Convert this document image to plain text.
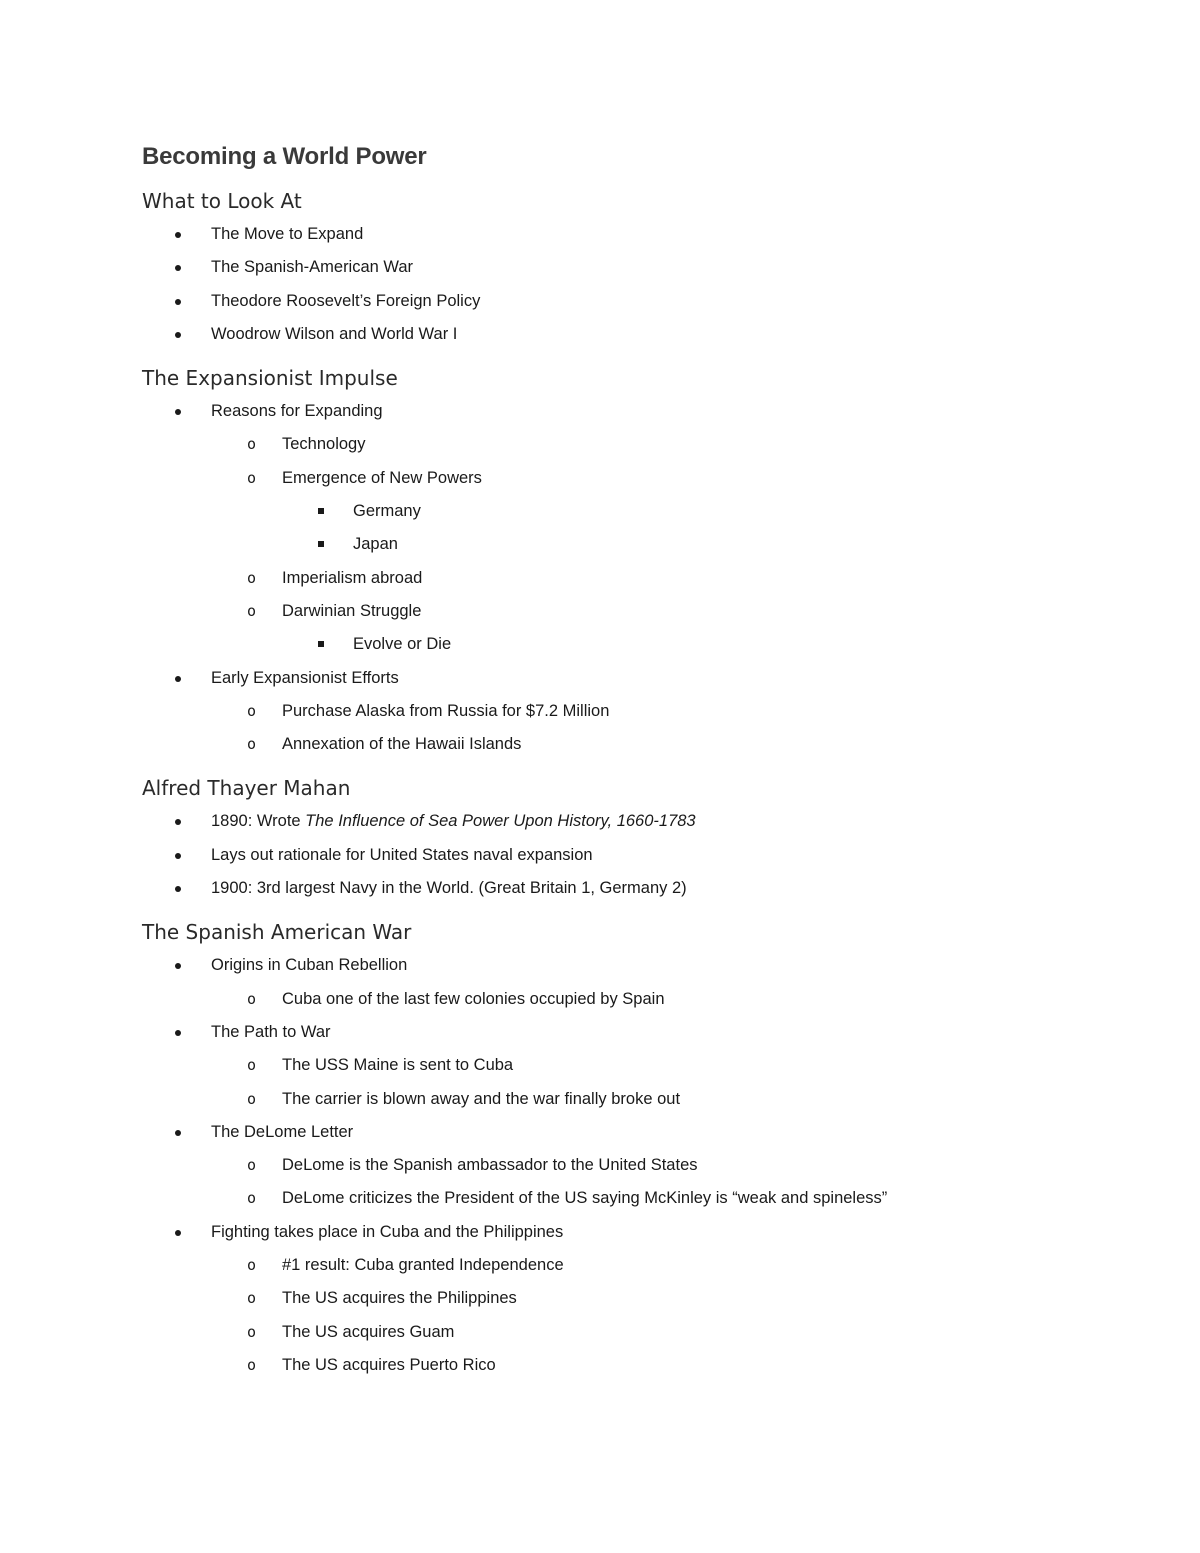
Becoming a World Power
What to Look At
The Move to Expand
The Spanish-American War
Theodore Roosevelt’s Foreign Policy
Woodrow Wilson and World War I
The Expansionist Impulse
Reasons for Expanding
o Technology
o Emergence of New Powers
Germany
Japan
o Imperialism abroad
o Darwinian Struggle
Evolve or Die
Early Expansionist Efforts
o Purchase Alaska from Russia for $7.2 Million
o Annexation of the Hawaii Islands
Alfred Thayer Mahan
1890: Wrote The Influence of Sea Power Upon History, 1660-1783
Lays out rationale for United States naval expansion
1900: 3rd largest Navy in the World. (Great Britain 1, Germany 2)
The Spanish American War
Origins in Cuban Rebellion
o Cuba one of the last few colonies occupied by Spain
The Path to War
o The USS Maine is sent to Cuba
o The carrier is blown away and the war finally broke out
The DeLome Letter
o DeLome is the Spanish ambassador to the United States
o DeLome criticizes the President of the US saying McKinley is “weak and spineless”
Fighting takes place in Cuba and the Philippines
o #1 result: Cuba granted Independence
o The US acquires the Philippines
o The US acquires Guam
o The US acquires Puerto Rico
